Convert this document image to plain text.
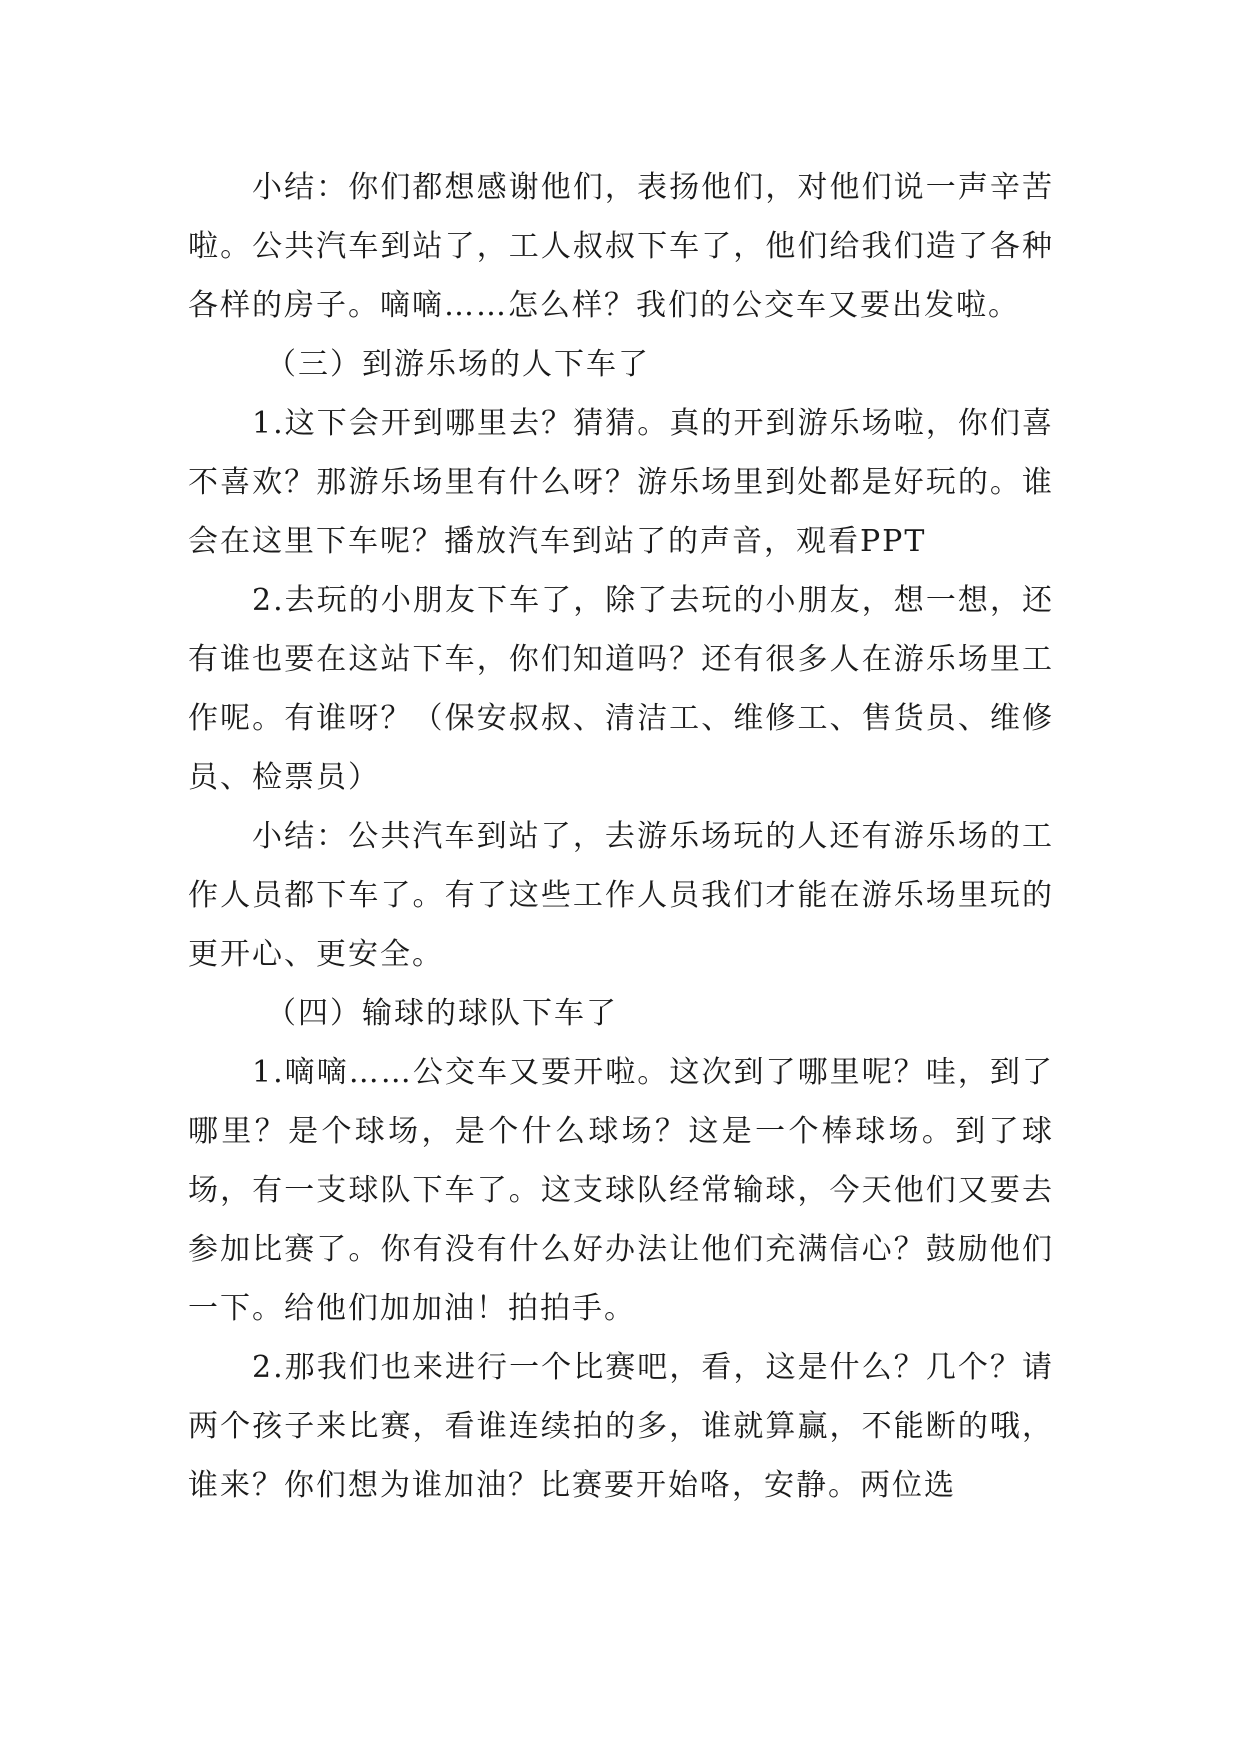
小结：你们都想感谢他们，表扬他们，对他们说一声辛苦啦。公共汽车到站了，工人叔叔下车了，他们给我们造了各种各样的房子。嘀嘀……怎么样？我们的公交车又要出发啦。

（三）到游乐场的人下车了

1.这下会开到哪里去？猜猜。真的开到游乐场啦，你们喜不喜欢？那游乐场里有什么呀？游乐场里到处都是好玩的。谁会在这里下车呢？播放汽车到站了的声音，观看PPT

2.去玩的小朋友下车了，除了去玩的小朋友，想一想，还有谁也要在这站下车，你们知道吗？还有很多人在游乐场里工作呢。有谁呀？（保安叔叔、清洁工、维修工、售货员、维修员、检票员）

小结：公共汽车到站了，去游乐场玩的人还有游乐场的工作人员都下车了。有了这些工作人员我们才能在游乐场里玩的更开心、更安全。

（四）输球的球队下车了

1.嘀嘀……公交车又要开啦。这次到了哪里呢？哇，到了哪里？是个球场，是个什么球场？这是一个棒球场。到了球场，有一支球队下车了。这支球队经常输球，今天他们又要去参加比赛了。你有没有什么好办法让他们充满信心？鼓励他们一下。给他们加加油！拍拍手。

2.那我们也来进行一个比赛吧，看，这是什么？几个？请两个孩子来比赛，看谁连续拍的多，谁就算赢，不能断的哦，谁来？你们想为谁加油？比赛要开始咯，安静。两位选
